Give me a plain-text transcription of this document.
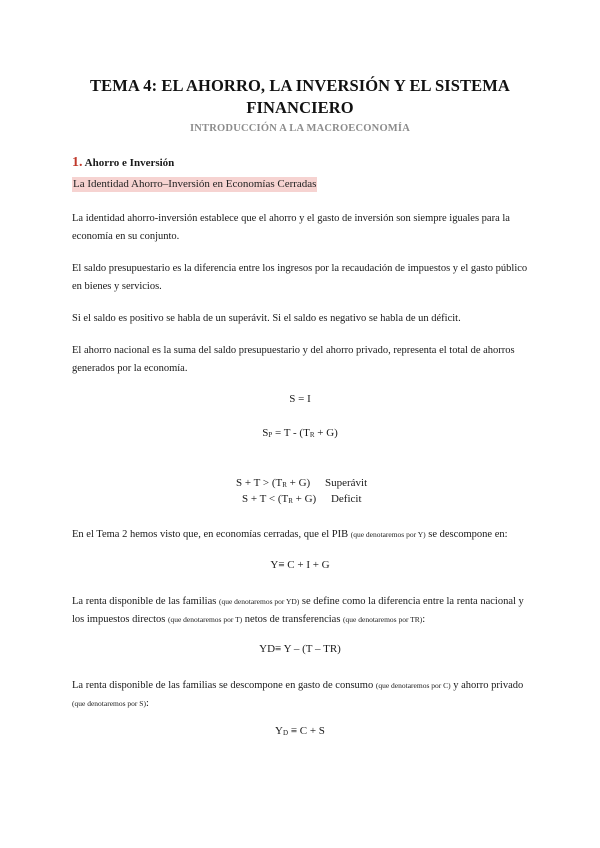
TEMA 4: EL AHORRO, LA INVERSIÓN Y EL SISTEMA
FINANCIERO
INTRODUCCIÓN A LA MACROECONOMÍA
1. Ahorro e Inversión
La Identidad Ahorro–Inversión en Economías Cerradas
La identidad ahorro-inversión establece que el ahorro y el gasto de inversión son siempre iguales para la economía en su conjunto.
El saldo presupuestario es la diferencia entre los ingresos por la recaudación de impuestos y el gasto público en bienes y servicios.
Si el saldo es positivo se habla de un superávit. Si el saldo es negativo se habla de un déficit.
El ahorro nacional es la suma del saldo presupuestario y del ahorro privado, representa el total de ahorros generados por la economía.
S = I
$S_P = T - (T_R + G)$
$S + T > (T_R + G)$ Superávit
$S + T < (T_R + G)$ Deficit
En el Tema 2 hemos visto que, en economías cerradas, que el PIB (que denotaremos por Y) se descompone en:
Y≡ C + I + G
La renta disponible de las familias (que denotaremos por YD) se define como la diferencia entre la renta nacional y los impuestos directos (que denotaremos por T) netos de transferencias (que denotaremos por TR):
YD≡ Y – (T – TR)
La renta disponible de las familias se descompone en gasto de consumo (que denotaremos por C) y ahorro privado (que denotaremos por S):
$Y_D \equiv C + S$
